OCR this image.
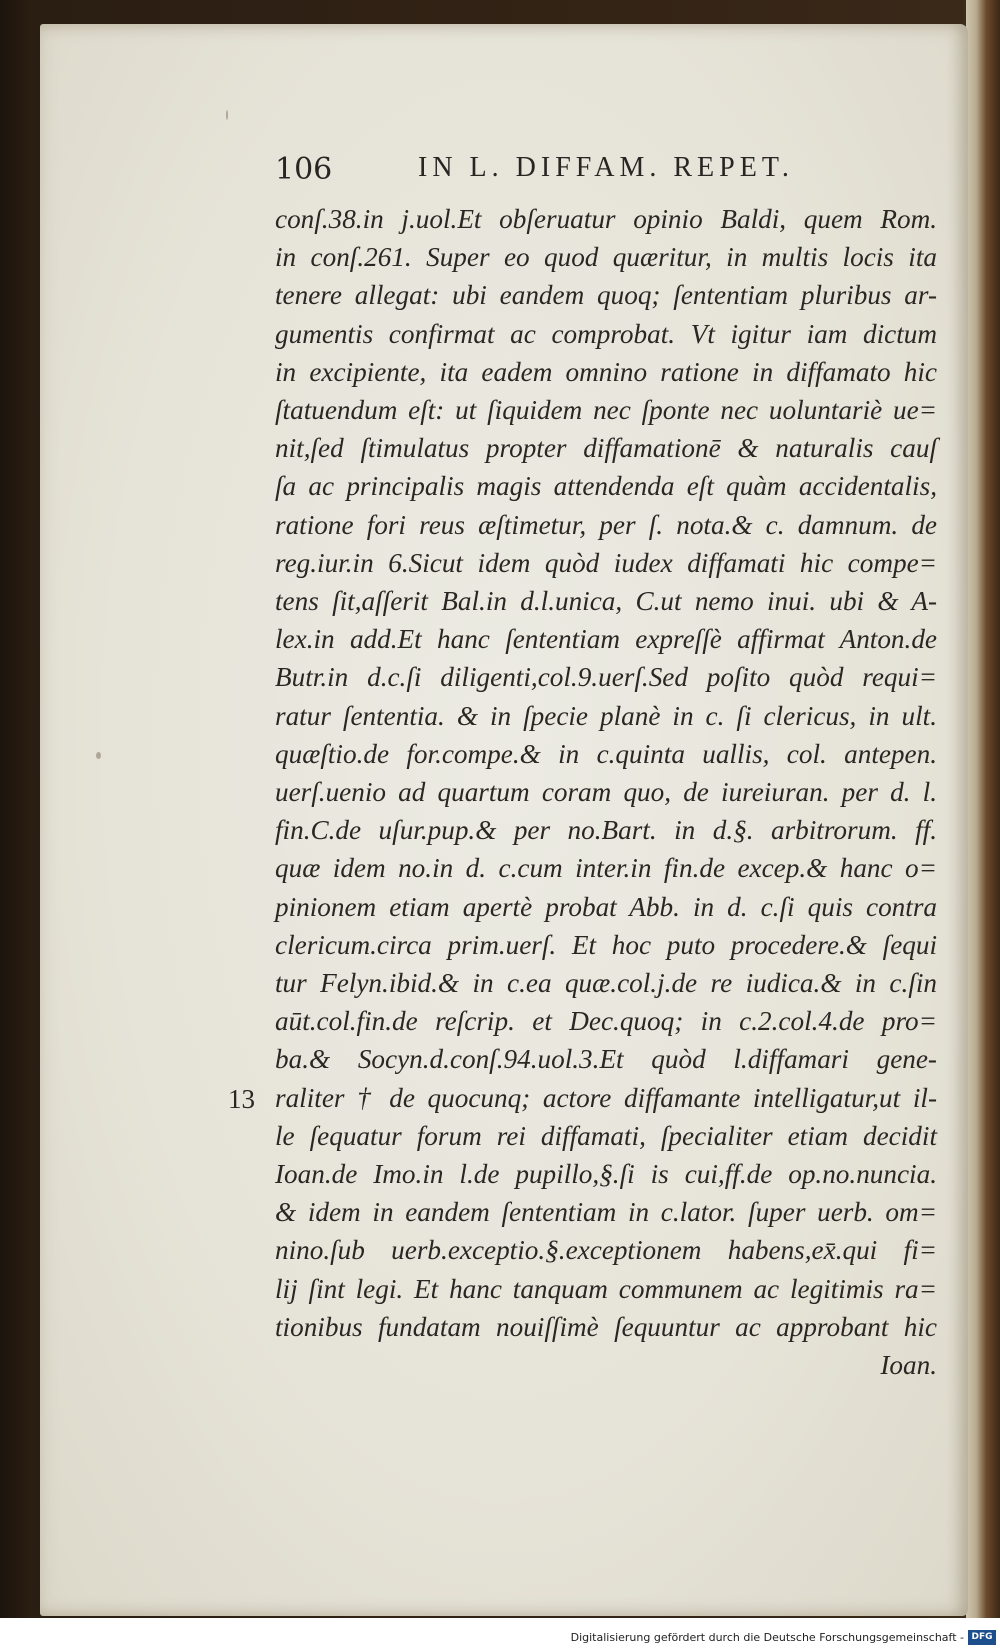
106	IN L. DIFFAM. REPET.
13
conſ.38.in j.uol.Et obſeruatur opinio Baldi, quem Rom.
in conſ.261. Super eo quod quæritur, in multis locis ita
tenere allegat: ubi eandem quoq; ſententiam pluribus ar-
gumentis confirmat ac comprobat. Vt igitur iam dictum
in excipiente, ita eadem omnino ratione in diffamato hic
ſtatuendum eſt: ut ſiquidem nec ſponte nec uoluntariè ue=
nit,ſed ſtimulatus propter diffamationē & naturalis cauſ
ſa ac principalis magis attendenda eſt quàm accidentalis,
ratione fori reus æſtimetur, per ſ. nota.& c. damnum. de
reg.iur.in 6.Sicut idem quòd iudex diffamati hic compe=
tens ſit,aſſerit Bal.in d.l.unica, C.ut nemo inui. ubi & A-
lex.in add.Et hanc ſententiam expreſſè affirmat Anton.de
Butr.in d.c.ſi diligenti,col.9.uerſ.Sed poſito quòd requi=
ratur ſententia. & in ſpecie planè in c. ſi clericus, in ult.
quæſtio.de for.compe.& in c.quinta uallis, col. antepen.
uerſ.uenio ad quartum coram quo, de iureiuran. per d. l.
fin.C.de uſur.pup.& per no.Bart. in d.§. arbitrorum. ff.
quæ idem no.in d. c.cum inter.in fin.de excep.& hanc o=
pinionem etiam apertè probat Abb. in d. c.ſi quis contra
clericum.circa prim.uerſ. Et hoc puto procedere.& ſequi
tur Felyn.ibid.& in c.ea quæ.col.j.de re iudica.& in c.ſin
aūt.col.fin.de reſcrip. et Dec.quoq; in c.2.col.4.de pro=
ba.& Socyn.d.conſ.94.uol.3.Et quòd l.diffamari gene-
raliter † de quocunq; actore diffamante intelligatur,ut il-
le ſequatur forum rei diffamati, ſpecialiter etiam decidit
Ioan.de Imo.in l.de pupillo,§.ſi is cui,ff.de op.no.nuncia.
& idem in eandem ſententiam in c.lator. ſuper uerb. om=
nino.ſub uerb.exceptio.§.exceptionem habens,ex̄.qui fi=
lij ſint legi. Et hanc tanquam communem ac legitimis ra=
tionibus fundatam nouiſſimè ſequuntur ac approbant hic
Ioan.
Digitalisierung gefördert durch die Deutsche Forschungsgemeinschaft - DFG
